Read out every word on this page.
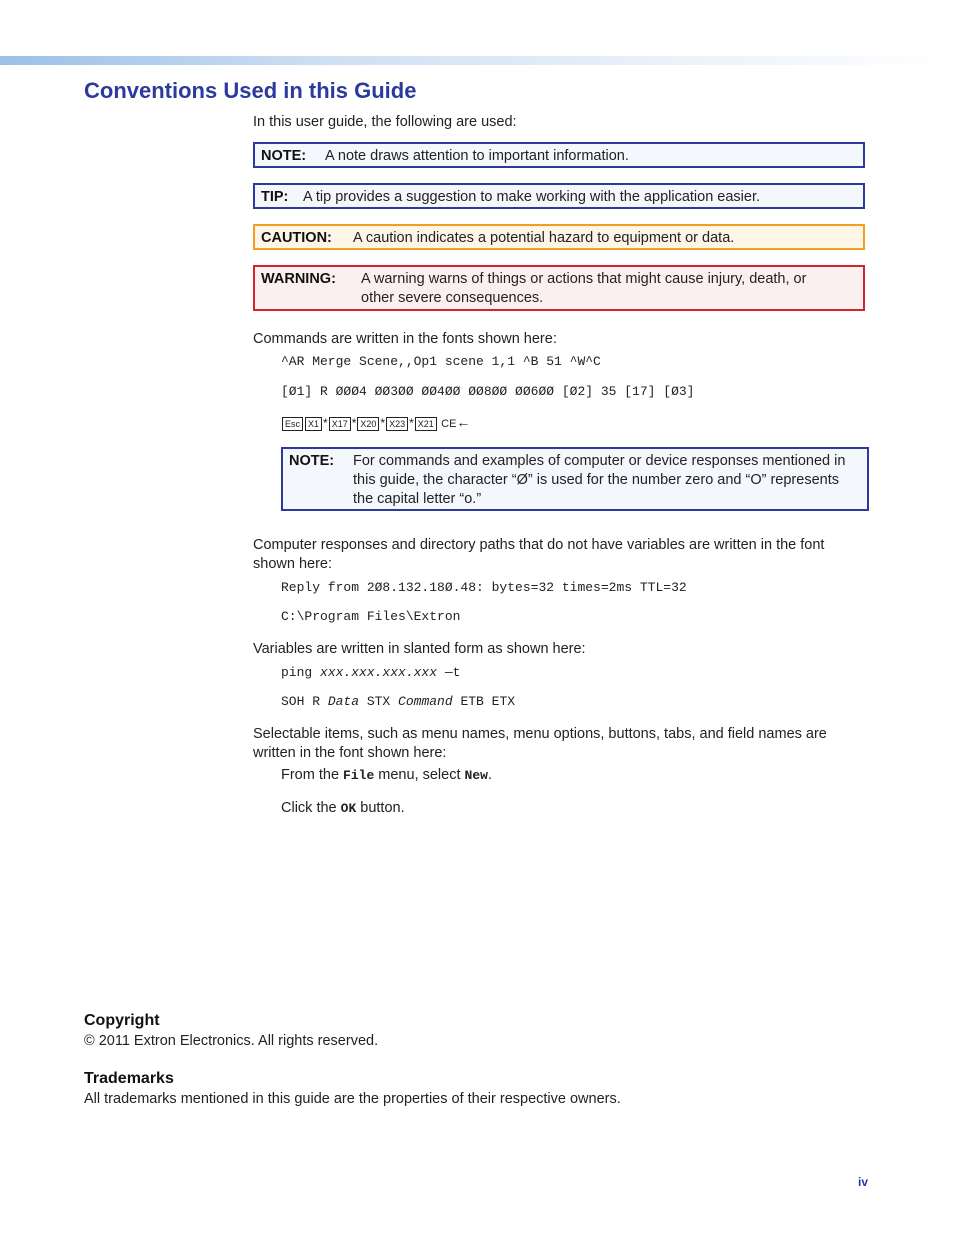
Conventions Used in this Guide
In this user guide, the following are used:
NOTE:	A note draws attention to important information.
TIP:	A tip provides a suggestion to make working with the application easier.
CAUTION:	A caution indicates a potential hazard to equipment or data.
WARNING:	A warning warns of things or actions that might cause injury, death, or other severe consequences.
Commands are written in the fonts shown here:
^AR Merge Scene,,Op1 scene 1,1 ^B 51 ^W^C
[Ø1] R ØØØ4 ØØ3ØØ ØØ4ØØ ØØ8ØØ ØØ6ØØ [Ø2] 35 [17] [Ø3]
Esc X1 * X17 * X20 * X23 * X21 CE←
NOTE:	For commands and examples of computer or device responses mentioned in this guide, the character “Ø” is used for the number zero and “O” represents the capital letter “o.”
Computer responses and directory paths that do not have variables are written in the font shown here:
Reply from 2Ø8.132.18Ø.48: bytes=32 times=2ms TTL=32
C:\Program Files\Extron
Variables are written in slanted form as shown here:
ping xxx.xxx.xxx.xxx —t
SOH R Data STX Command ETB ETX
Selectable items, such as menu names, menu options, buttons, tabs, and field names are written in the font shown here:
From the File menu, select New.
Click the OK button.
Copyright
© 2011 Extron Electronics. All rights reserved.
Trademarks
All trademarks mentioned in this guide are the properties of their respective owners.
iv
